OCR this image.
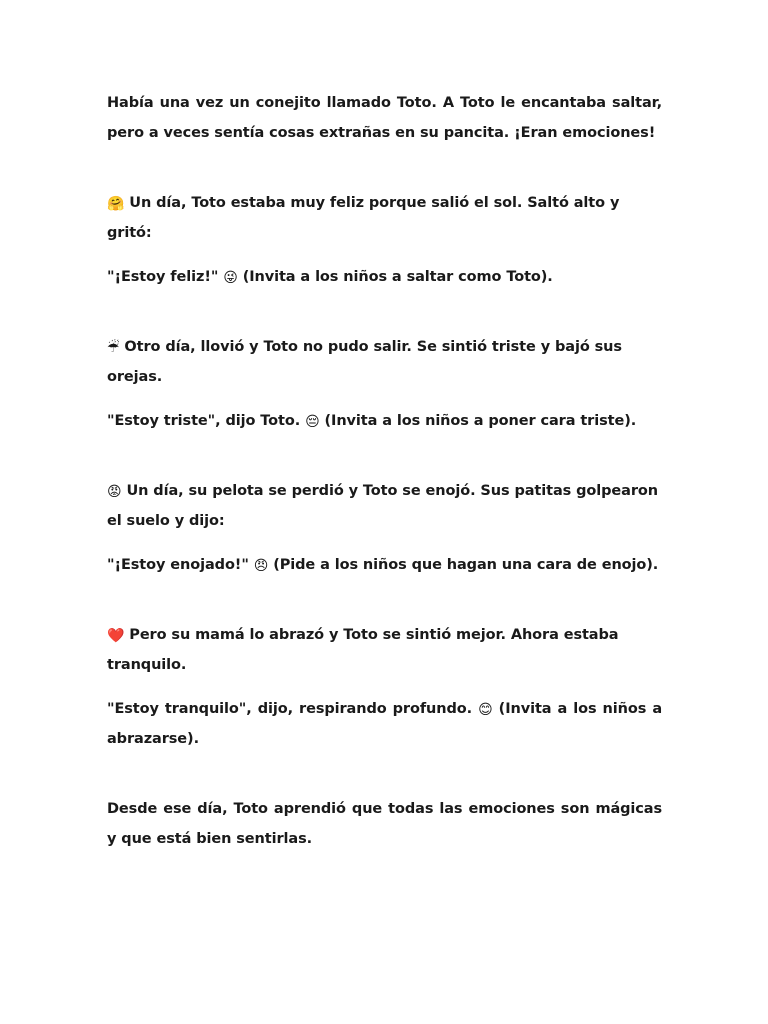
Había una vez un conejito llamado Toto. A Toto le encantaba saltar, pero a veces sentía cosas extrañas en su pancita. ¡Eran emociones!

🤗 Un día, Toto estaba muy feliz porque salió el sol. Saltó alto y gritó:

"¡Estoy feliz!" 😜 (Invita a los niños a saltar como Toto).

☔ Otro día, llovió y Toto no pudo salir. Se sintió triste y bajó sus orejas.

"Estoy triste", dijo Toto. 😔 (Invita a los niños a poner cara triste).

😡 Un día, su pelota se perdió y Toto se enojó. Sus patitas golpearon el suelo y dijo:

"¡Estoy enojado!" 😠 (Pide a los niños que hagan una cara de enojo).

❤️ Pero su mamá lo abrazó y Toto se sintió mejor. Ahora estaba tranquilo.

"Estoy tranquilo", dijo, respirando profundo. 😊 (Invita a los niños a abrazarse).

Desde ese día, Toto aprendió que todas las emociones son mágicas y que está bien sentirlas.
